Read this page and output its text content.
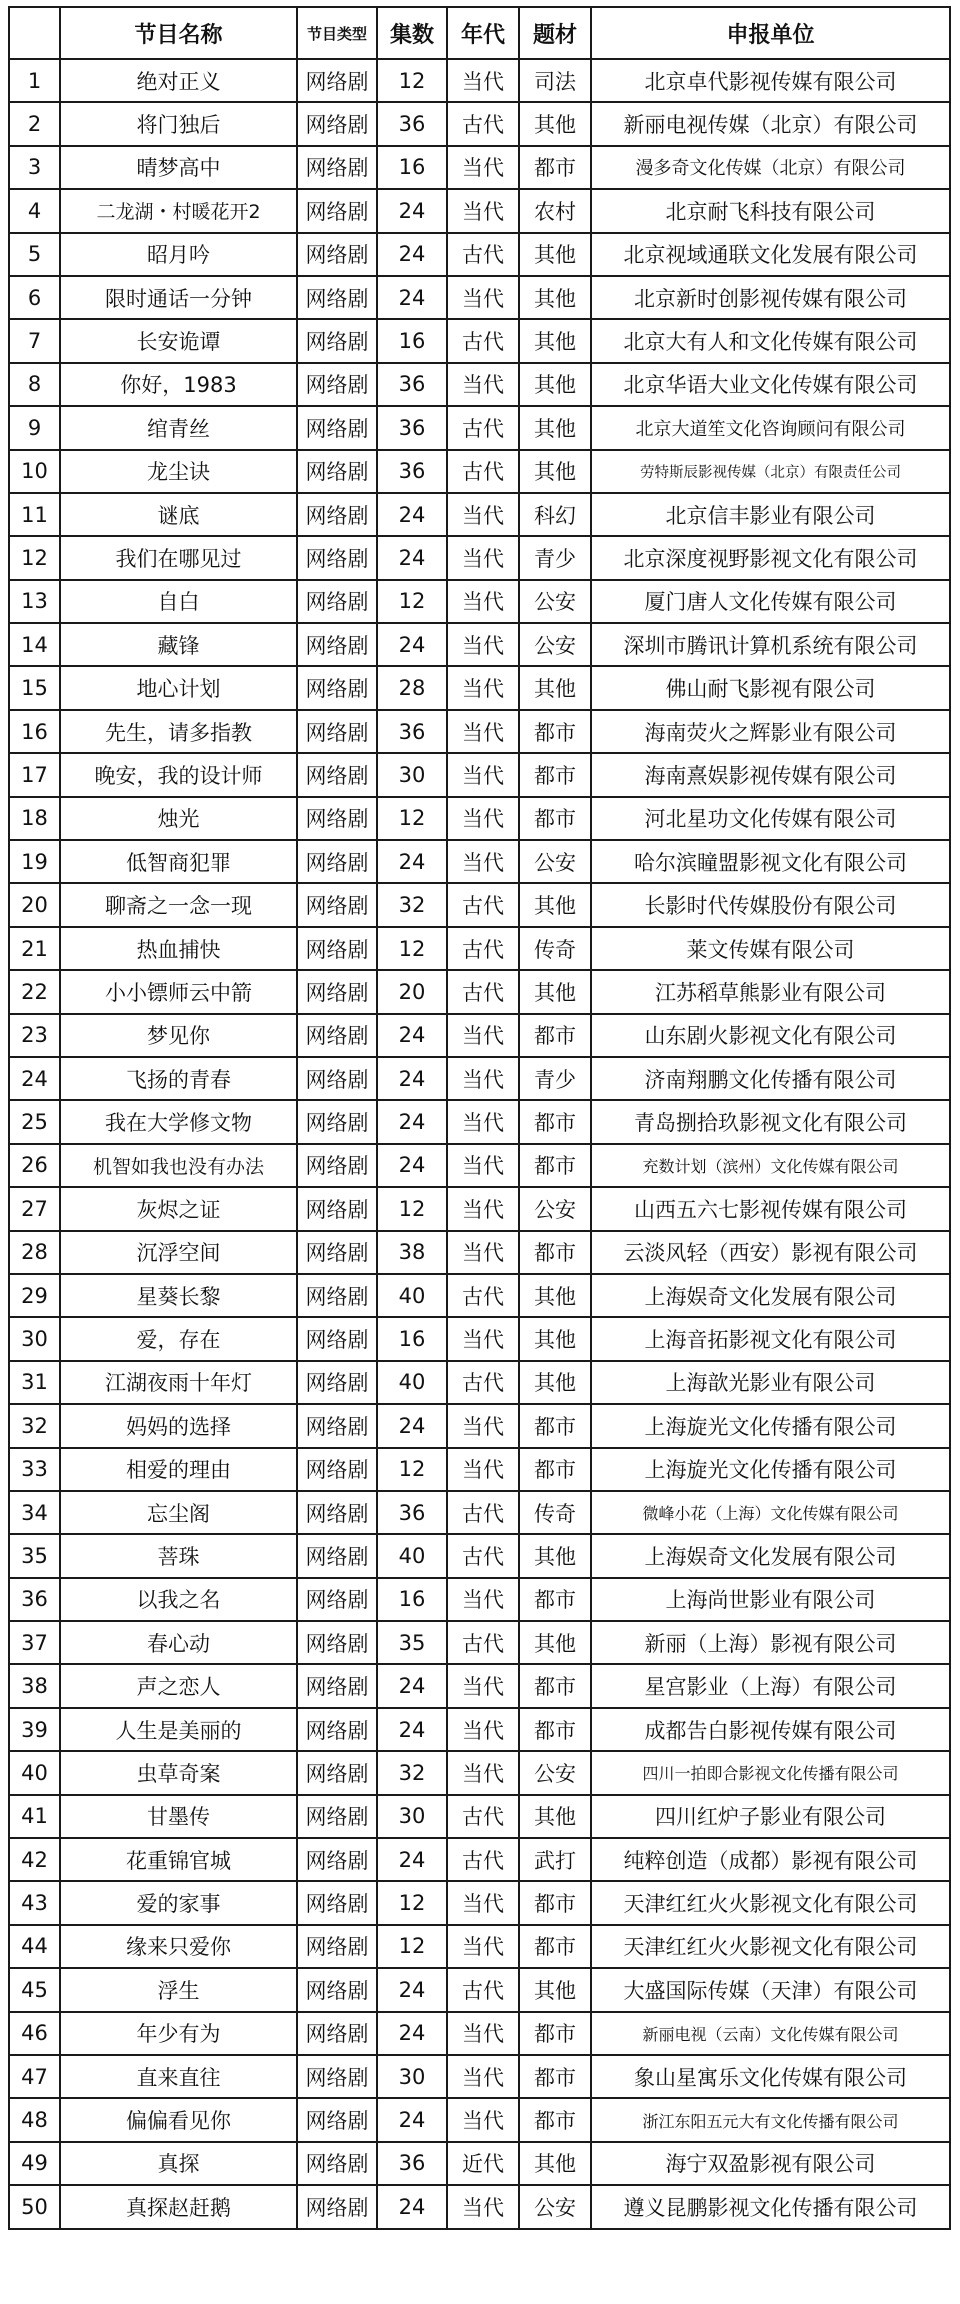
	节目名称	节目类型	集数	年代	题材	申报单位
1	绝对正义	网络剧	12	当代	司法	北京卓代影视传媒有限公司
2	将门独后	网络剧	36	古代	其他	新丽电视传媒（北京）有限公司
3	晴梦高中	网络剧	16	当代	都市	漫多奇文化传媒（北京）有限公司
4	二龙湖・村暖花开2	网络剧	24	当代	农村	北京耐飞科技有限公司
5	昭月吟	网络剧	24	古代	其他	北京视域通联文化发展有限公司
6	限时通话一分钟	网络剧	24	当代	其他	北京新时创影视传媒有限公司
7	长安诡谭	网络剧	16	古代	其他	北京大有人和文化传媒有限公司
8	你好，1983	网络剧	36	当代	其他	北京华语大业文化传媒有限公司
9	绾青丝	网络剧	36	古代	其他	北京大道笙文化咨询顾问有限公司
10	龙尘诀	网络剧	36	古代	其他	劳特斯辰影视传媒（北京）有限责任公司
11	谜底	网络剧	24	当代	科幻	北京信丰影业有限公司
12	我们在哪见过	网络剧	24	当代	青少	北京深度视野影视文化有限公司
13	自白	网络剧	12	当代	公安	厦门唐人文化传媒有限公司
14	藏锋	网络剧	24	当代	公安	深圳市腾讯计算机系统有限公司
15	地心计划	网络剧	28	当代	其他	佛山耐飞影视有限公司
16	先生，请多指教	网络剧	36	当代	都市	海南荧火之辉影业有限公司
17	晚安，我的设计师	网络剧	30	当代	都市	海南熹娱影视传媒有限公司
18	烛光	网络剧	12	当代	都市	河北星功文化传媒有限公司
19	低智商犯罪	网络剧	24	当代	公安	哈尔滨瞳盟影视文化有限公司
20	聊斋之一念一现	网络剧	32	古代	其他	长影时代传媒股份有限公司
21	热血捕快	网络剧	12	古代	传奇	莱文传媒有限公司
22	小小镖师云中箭	网络剧	20	古代	其他	江苏稻草熊影业有限公司
23	梦见你	网络剧	24	当代	都市	山东剧火影视文化有限公司
24	飞扬的青春	网络剧	24	当代	青少	济南翔鹏文化传播有限公司
25	我在大学修文物	网络剧	24	当代	都市	青岛捌拾玖影视文化有限公司
26	机智如我也没有办法	网络剧	24	当代	都市	充数计划（滨州）文化传媒有限公司
27	灰烬之证	网络剧	12	当代	公安	山西五六七影视传媒有限公司
28	沉浮空间	网络剧	38	当代	都市	云淡风轻（西安）影视有限公司
29	星葵长黎	网络剧	40	古代	其他	上海娱奇文化发展有限公司
30	爱，存在	网络剧	16	当代	其他	上海音拓影视文化有限公司
31	江湖夜雨十年灯	网络剧	40	古代	其他	上海歆光影业有限公司
32	妈妈的选择	网络剧	24	当代	都市	上海旋光文化传播有限公司
33	相爱的理由	网络剧	12	当代	都市	上海旋光文化传播有限公司
34	忘尘阁	网络剧	36	古代	传奇	微峰小花（上海）文化传媒有限公司
35	菩珠	网络剧	40	古代	其他	上海娱奇文化发展有限公司
36	以我之名	网络剧	16	当代	都市	上海尚世影业有限公司
37	春心动	网络剧	35	古代	其他	新丽（上海）影视有限公司
38	声之恋人	网络剧	24	当代	都市	星宫影业（上海）有限公司
39	人生是美丽的	网络剧	24	当代	都市	成都告白影视传媒有限公司
40	虫草奇案	网络剧	32	当代	公安	四川一拍即合影视文化传播有限公司
41	甘墨传	网络剧	30	古代	其他	四川红炉子影业有限公司
42	花重锦官城	网络剧	24	古代	武打	纯粹创造（成都）影视有限公司
43	爱的家事	网络剧	12	当代	都市	天津红红火火影视文化有限公司
44	缘来只爱你	网络剧	12	当代	都市	天津红红火火影视文化有限公司
45	浮生	网络剧	24	古代	其他	大盛国际传媒（天津）有限公司
46	年少有为	网络剧	24	当代	都市	新丽电视（云南）文化传媒有限公司
47	直来直往	网络剧	30	当代	都市	象山星寓乐文化传媒有限公司
48	偏偏看见你	网络剧	24	当代	都市	浙江东阳五元大有文化传播有限公司
49	真探	网络剧	36	近代	其他	海宁双盈影视有限公司
50	真探赵赶鹅	网络剧	24	当代	公安	遵义昆鹏影视文化传播有限公司
